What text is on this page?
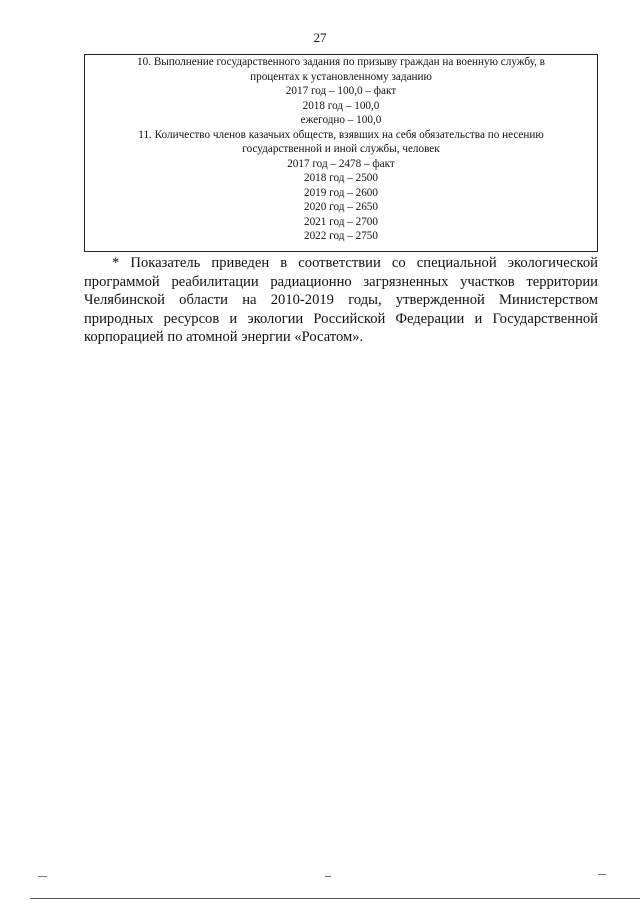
27
10. Выполнение государственного задания по призыву граждан на военную службу, в
процентах к установленному заданию
2017 год – 100,0 – факт
2018 год – 100,0
ежегодно – 100,0
11. Количество членов казачьих обществ, взявших на себя обязательства по несению
государственной и иной службы, человек
2017 год – 2478 – факт
2018 год – 2500
2019 год – 2600
2020 год – 2650
2021 год – 2700
2022 год – 2750
* Показатель приведен в соответствии со специальной экологической
программой реабилитации радиационно загрязненных участков территории
Челябинской области на 2010-2019 годы, утвержденной Министерством
природных ресурсов и экологии Российской Федерации и Государственной
корпорацией по атомной энергии «Росатом».
